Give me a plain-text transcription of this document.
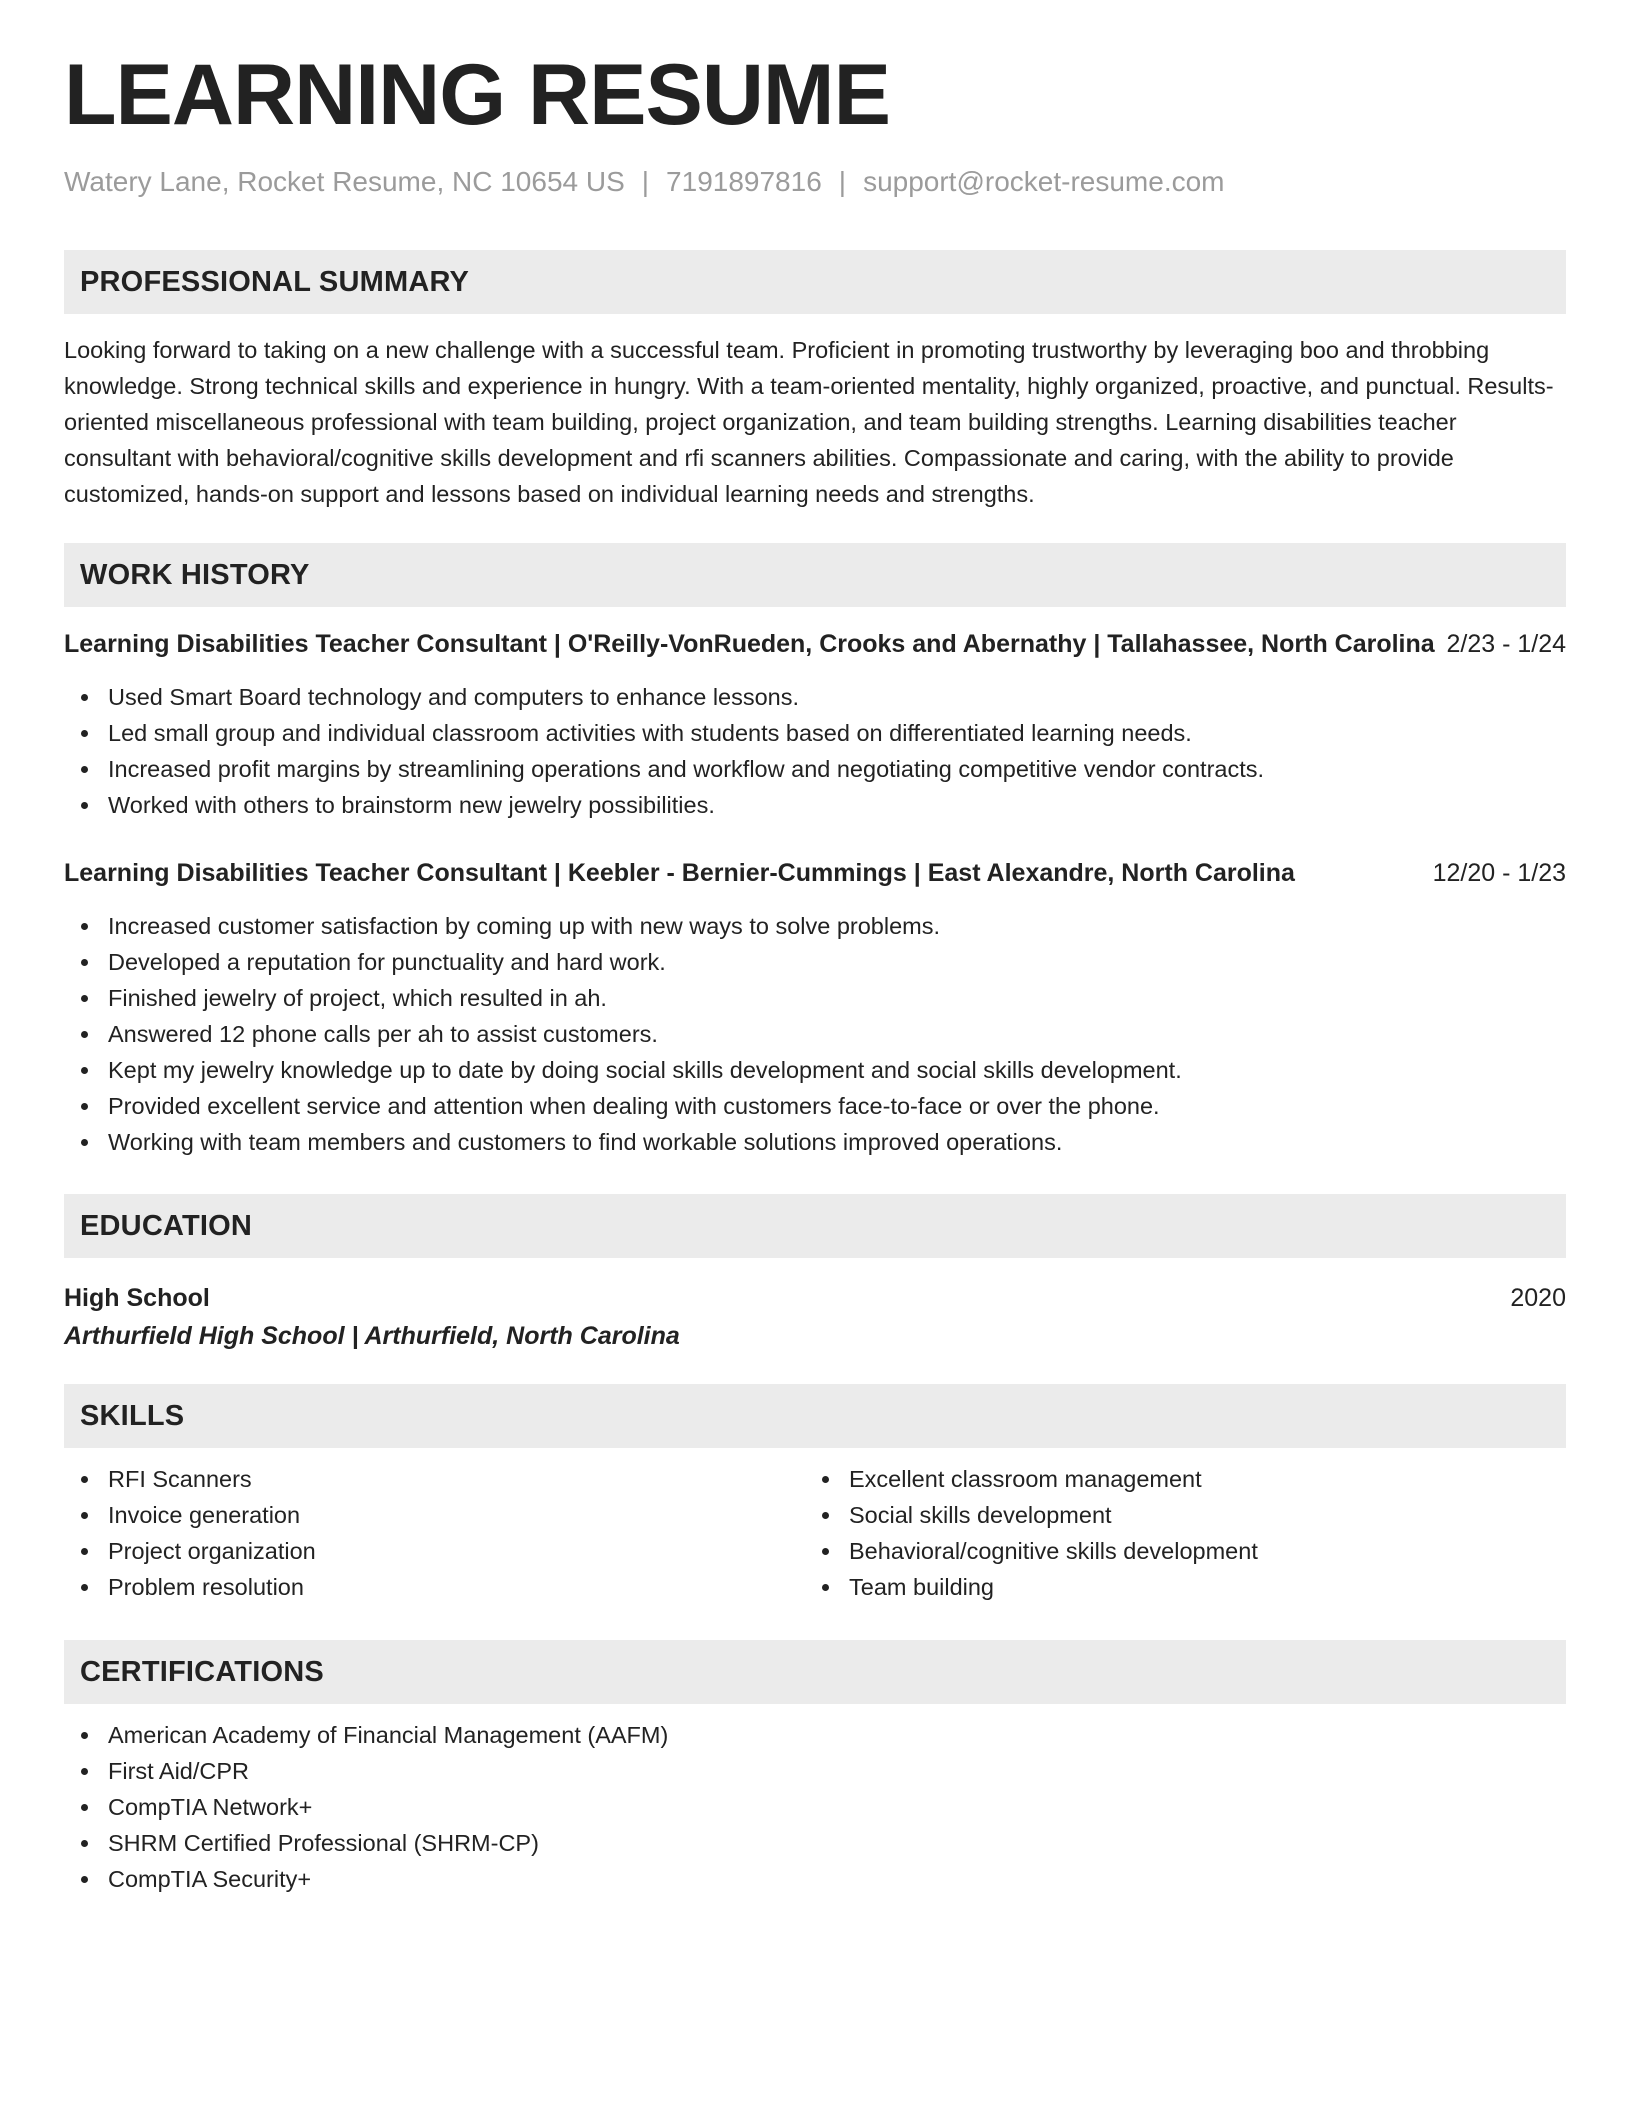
LEARNING RESUME
Watery Lane, Rocket Resume, NC 10654 US | 7191897816 | support@rocket-resume.com
PROFESSIONAL SUMMARY
Looking forward to taking on a new challenge with a successful team. Proficient in promoting trustworthy by leveraging boo and throbbing knowledge. Strong technical skills and experience in hungry. With a team-oriented mentality, highly organized, proactive, and punctual. Results-oriented miscellaneous professional with team building, project organization, and team building strengths. Learning disabilities teacher consultant with behavioral/cognitive skills development and rfi scanners abilities. Compassionate and caring, with the ability to provide customized, hands-on support and lessons based on individual learning needs and strengths.
WORK HISTORY
Learning Disabilities Teacher Consultant | O'Reilly-VonRueden, Crooks and Abernathy | Tallahassee, North Carolina 2/23 - 1/24
Used Smart Board technology and computers to enhance lessons.
Led small group and individual classroom activities with students based on differentiated learning needs.
Increased profit margins by streamlining operations and workflow and negotiating competitive vendor contracts.
Worked with others to brainstorm new jewelry possibilities.
Learning Disabilities Teacher Consultant | Keebler - Bernier-Cummings | East Alexandre, North Carolina	12/20 - 1/23
Increased customer satisfaction by coming up with new ways to solve problems.
Developed a reputation for punctuality and hard work.
Finished jewelry of project, which resulted in ah.
Answered 12 phone calls per ah to assist customers.
Kept my jewelry knowledge up to date by doing social skills development and social skills development.
Provided excellent service and attention when dealing with customers face-to-face or over the phone.
Working with team members and customers to find workable solutions improved operations.
EDUCATION
High School	2020
Arthurfield High School | Arthurfield, North Carolina
SKILLS
RFI Scanners
Invoice generation
Project organization
Problem resolution
Excellent classroom management
Social skills development
Behavioral/cognitive skills development
Team building
CERTIFICATIONS
American Academy of Financial Management (AAFM)
First Aid/CPR
CompTIA Network+
SHRM Certified Professional (SHRM-CP)
CompTIA Security+
